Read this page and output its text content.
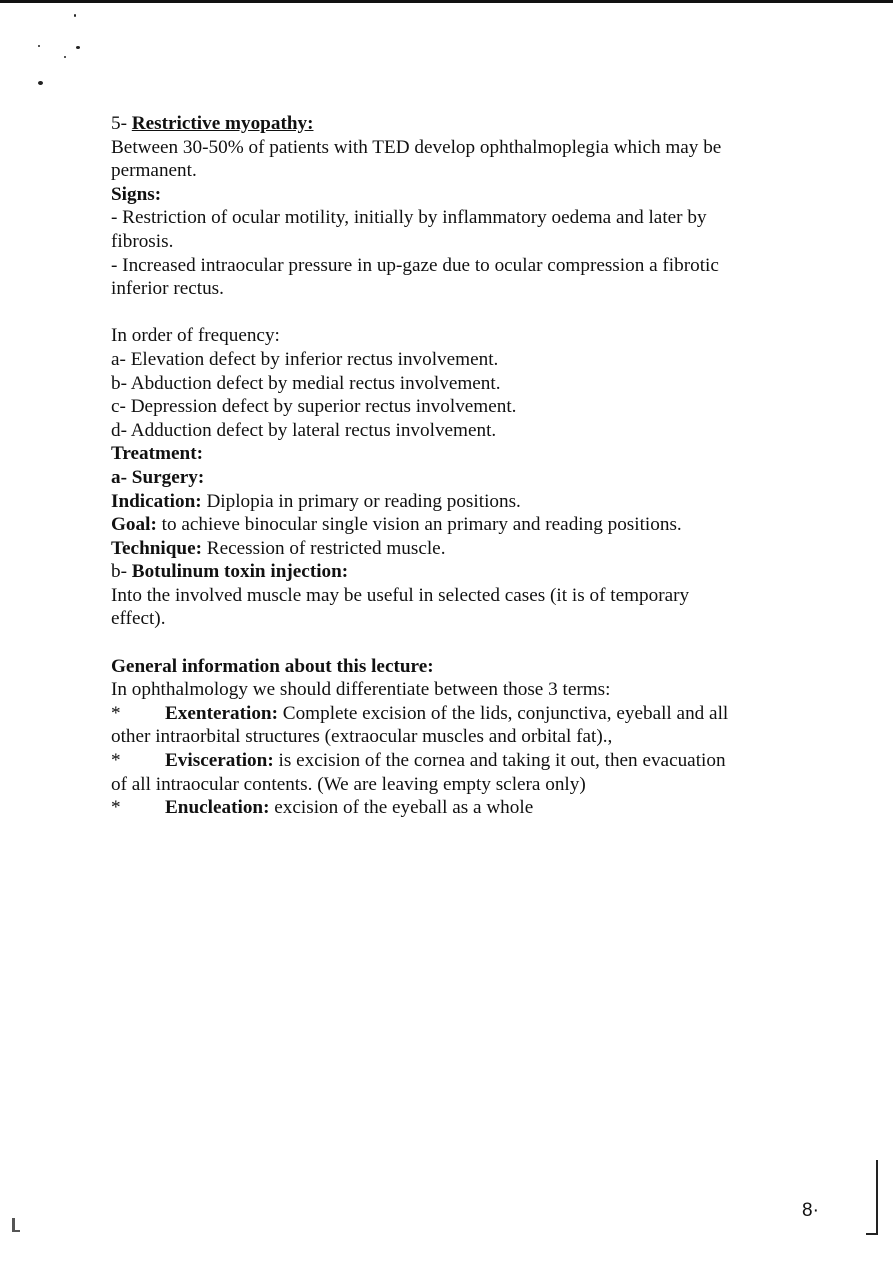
5- Restrictive myopathy:
Between 30-50% of patients with TED develop ophthalmoplegia which may be
permanent.
Signs:
- Restriction of ocular motility, initially by inflammatory oedema and later by
fibrosis.
- Increased intraocular pressure in up-gaze due to ocular compression a fibrotic
inferior rectus.
In order of frequency:
a- Elevation defect by inferior rectus involvement.
b- Abduction defect by medial rectus involvement.
c- Depression defect by superior rectus involvement.
d- Adduction defect by lateral rectus involvement.
Treatment:
a- Surgery:
Indication: Diplopia in primary or reading positions.
Goal: to achieve binocular single vision an primary and reading positions.
Technique: Recession of restricted muscle.
b- Botulinum toxin injection:
Into the involved muscle may be useful in selected cases (it is of temporary
effect).
General information about this lecture:
In ophthalmology we should differentiate between those 3 terms:
* Exenteration: Complete excision of the lids, conjunctiva, eyeball and all
other intraorbital structures (extraocular muscles and orbital fat).,
* Evisceration: is excision of the cornea and taking it out, then evacuation
of all intraocular contents. (We are leaving empty sclera only)
* Enucleation: excision of the eyeball as a whole
8·
